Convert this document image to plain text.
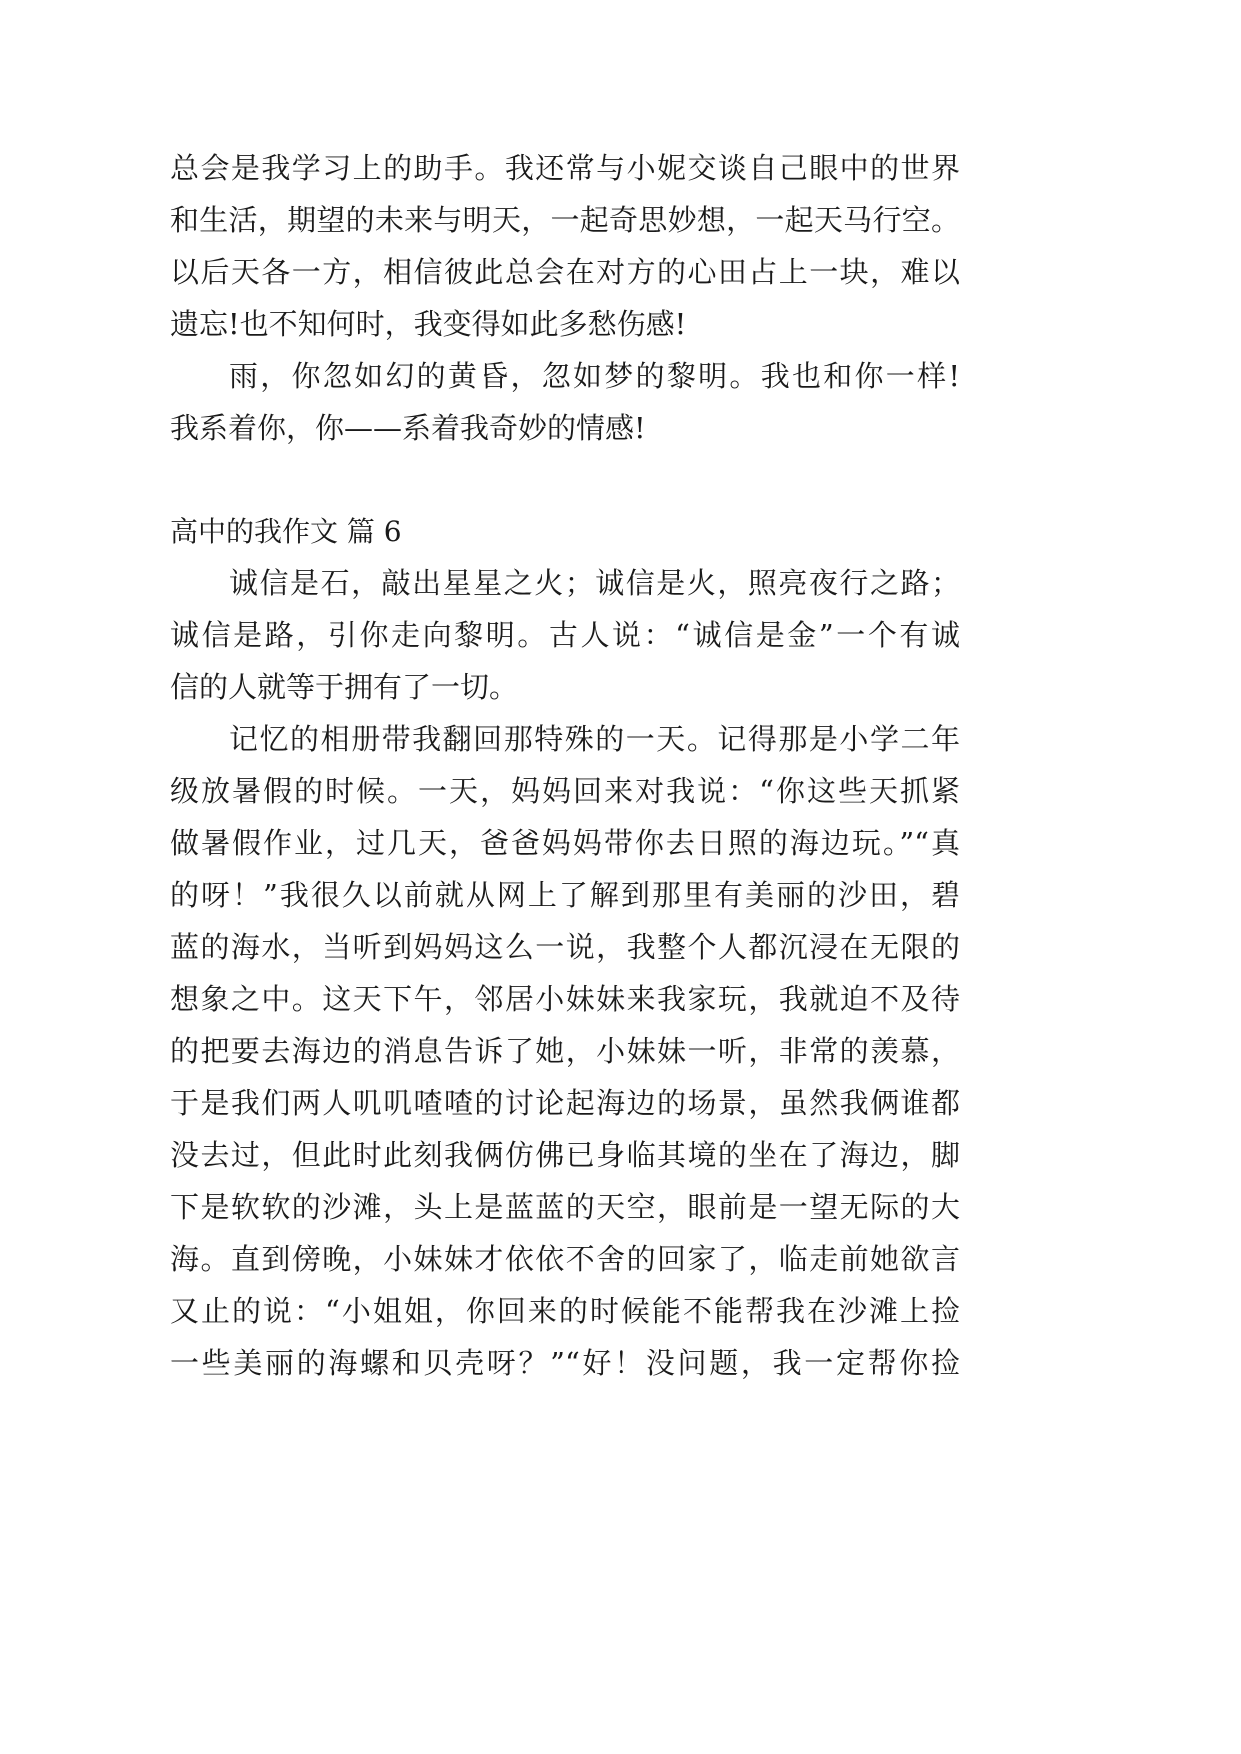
总会是我学习上的助手。我还常与小妮交谈自己眼中的世界
和生活，期望的未来与明天，一起奇思妙想，一起天马行空。
以后天各一方，相信彼此总会在对方的心田占上一块，难以
遗忘!也不知何时，我变得如此多愁伤感!
雨，你忽如幻的黄昏，忽如梦的黎明。我也和你一样!
我系着你，你——系着我奇妙的情感!
高中的我作文 篇 6
诚信是石，敲出星星之火；诚信是火，照亮夜行之路；
诚信是路，引你走向黎明。古人说：“诚信是金”一个有诚
信的人就等于拥有了一切。
记忆的相册带我翻回那特殊的一天。记得那是小学二年
级放暑假的时候。一天，妈妈回来对我说：“你这些天抓紧
做暑假作业，过几天，爸爸妈妈带你去日照的海边玩。”“真
的呀！”我很久以前就从网上了解到那里有美丽的沙田，碧
蓝的海水，当听到妈妈这么一说，我整个人都沉浸在无限的
想象之中。这天下午，邻居小妹妹来我家玩，我就迫不及待
的把要去海边的消息告诉了她，小妹妹一听，非常的羡慕，
于是我们两人叽叽喳喳的讨论起海边的场景，虽然我俩谁都
没去过，但此时此刻我俩仿佛已身临其境的坐在了海边，脚
下是软软的沙滩，头上是蓝蓝的天空，眼前是一望无际的大
海。直到傍晚，小妹妹才依依不舍的回家了，临走前她欲言
又止的说：“小姐姐，你回来的时候能不能帮我在沙滩上捡
一些美丽的海螺和贝壳呀？”“好！没问题，我一定帮你捡
